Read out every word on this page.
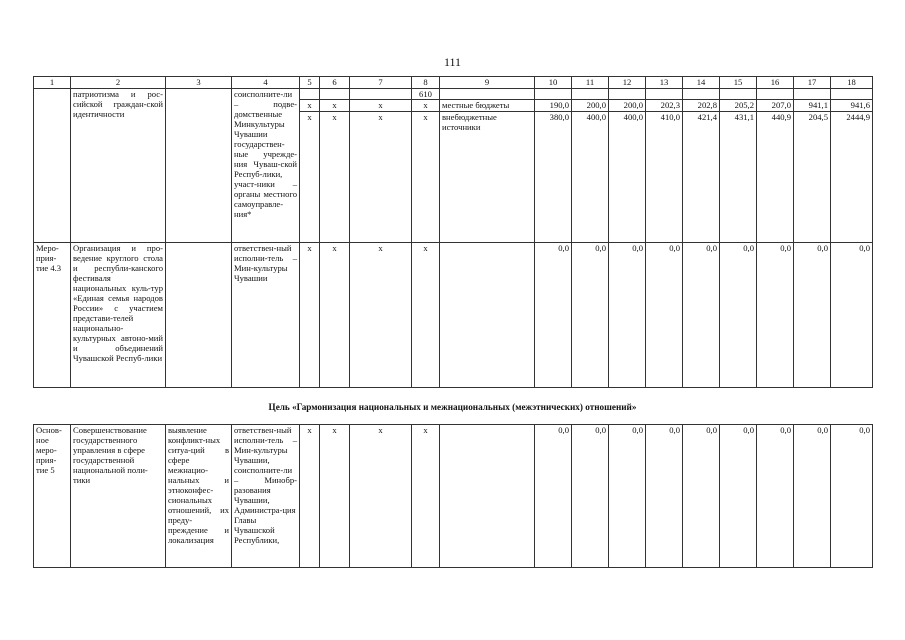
111
1	2	3	4	5	6	7	8	9	10	11	12	13	14	15	16	17	18
	патриотизма и рос-сийской граждан-ской идентичности		соисполните-ли – подве-домственные Минкультуры Чувашии государствен-ные учрежде-ния Чуваш-ской Респуб-лики, участ-ники – органы местного самоуправле-ния*				610										
				x	x	x	x	местные бюджеты	190,0	200,0	200,0	202,3	202,8	205,2	207,0	941,1	941,6
				x	x	x	x	внебюджетные источники	380,0	400,0	400,0	410,0	421,4	431,1	440,9	204,5	2444,9
Меро-прия-тие 4.3	Организация и про-ведение круглого стола и республи-канского фестиваля национальных куль-тур «Единая семья народов России» с участием представи-телей национально-культурных автоно-мий и объединений Чувашской Респуб-лики		ответствен-ный исполни-тель – Мин-культуры Чувашии	x	x	x	x		0,0	0,0	0,0	0,0	0,0	0,0	0,0	0,0	0,0
Цель «Гармонизация национальных и межнациональных (межэтнических) отношений»
Основ-ное меро-прия-тие 5	Совершенствование государственного управления в сфере государственной национальной поли-тики	выявление конфликт-ных ситуа-ций в сфере межнацио-нальных и этноконфес-сиональных отношений, их преду-преждение и локализация	ответствен-ный исполни-тель – Мин-культуры Чувашии, соисполните-ли – Минобр-разования Чувашии, Администра-ция Главы Чувашской Республики,	x	x	x	x		0,0	0,0	0,0	0,0	0,0	0,0	0,0	0,0	0,0
